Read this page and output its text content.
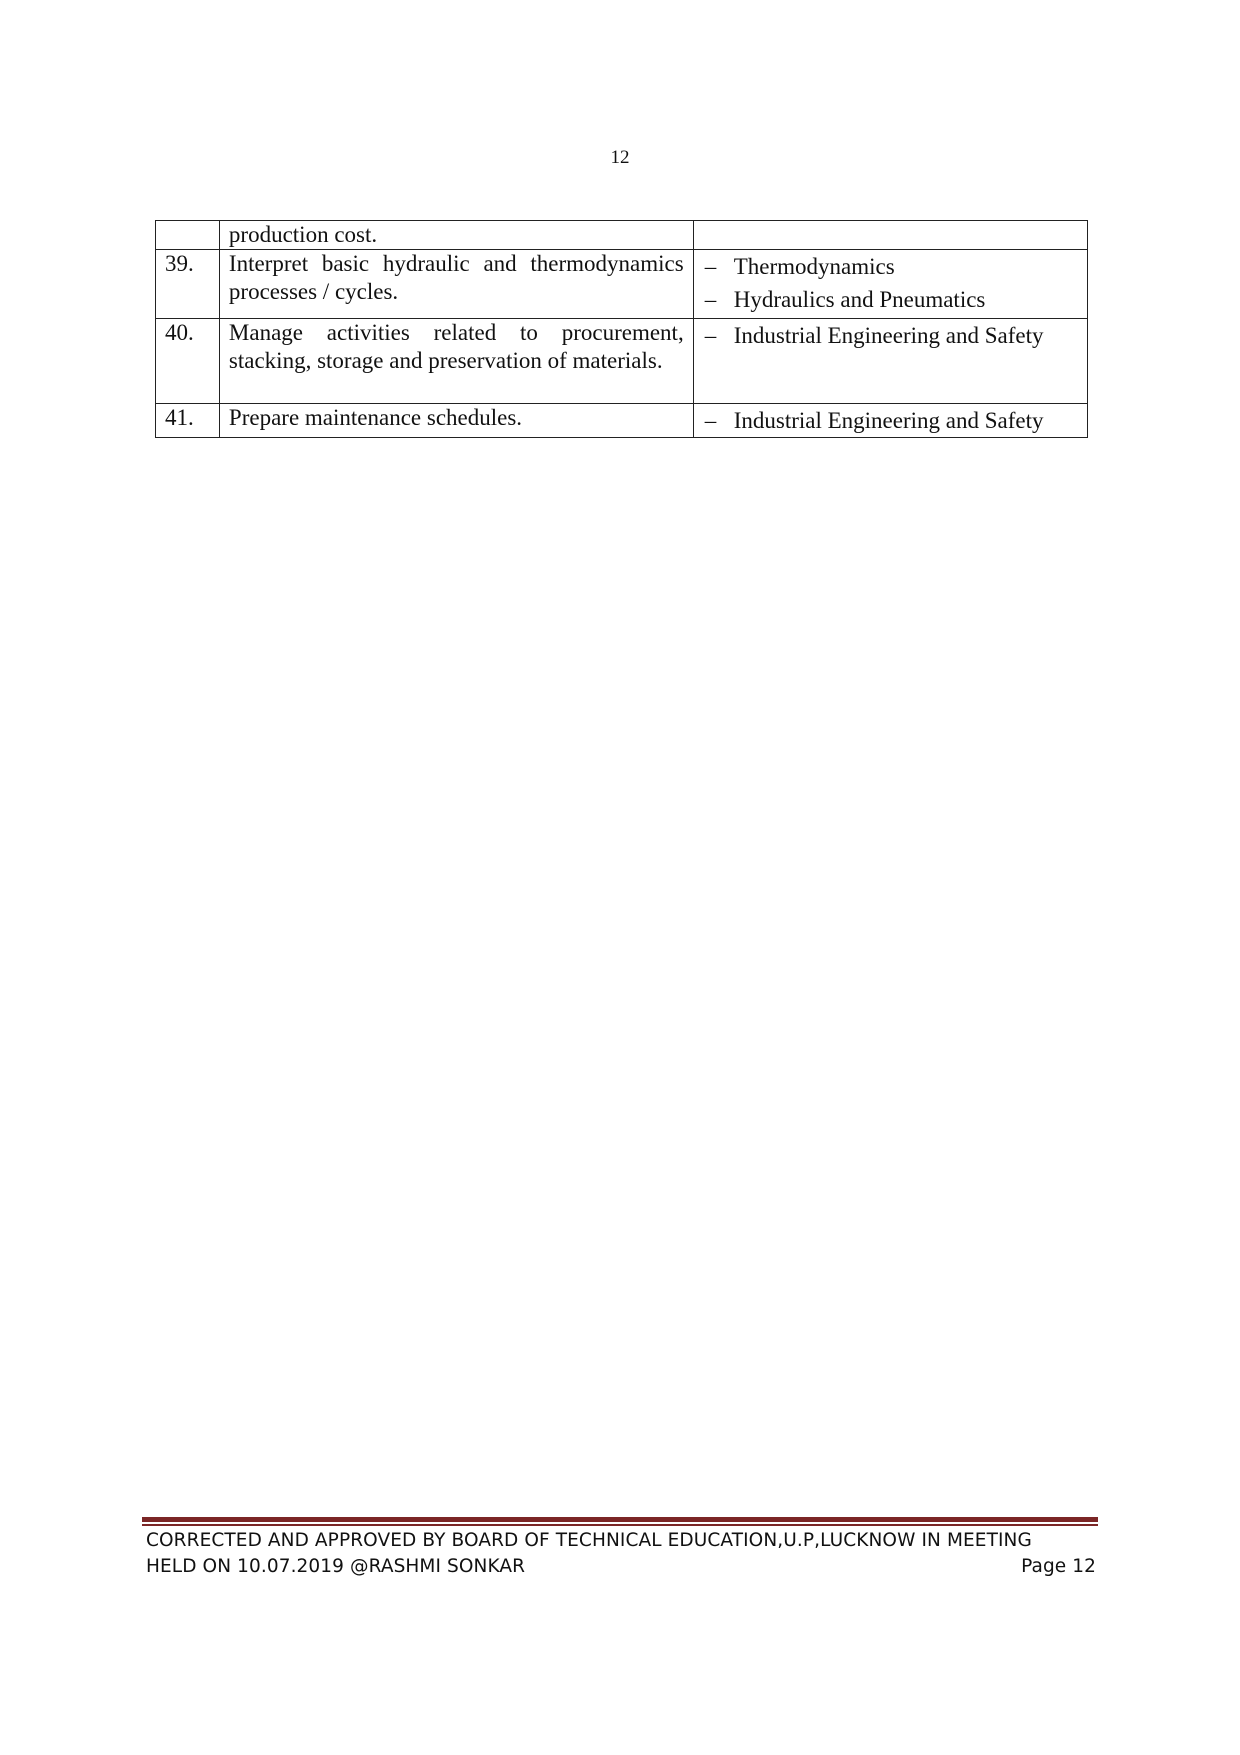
12

	production cost.	

39.	Interpret basic hydraulic and thermodynamics processes / cycles.	– Thermodynamics
– Hydraulics and Pneumatics

40.	Manage activities related to procurement, stacking, storage and preservation of materials.	– Industrial Engineering and Safety

41.	Prepare maintenance schedules.	– Industrial Engineering and Safety
CORRECTED AND APPROVED BY BOARD OF TECHNICAL EDUCATION,U.P,LUCKNOW IN MEETING
HELD ON 10.07.2019 @RASHMI SONKAR	Page 12
